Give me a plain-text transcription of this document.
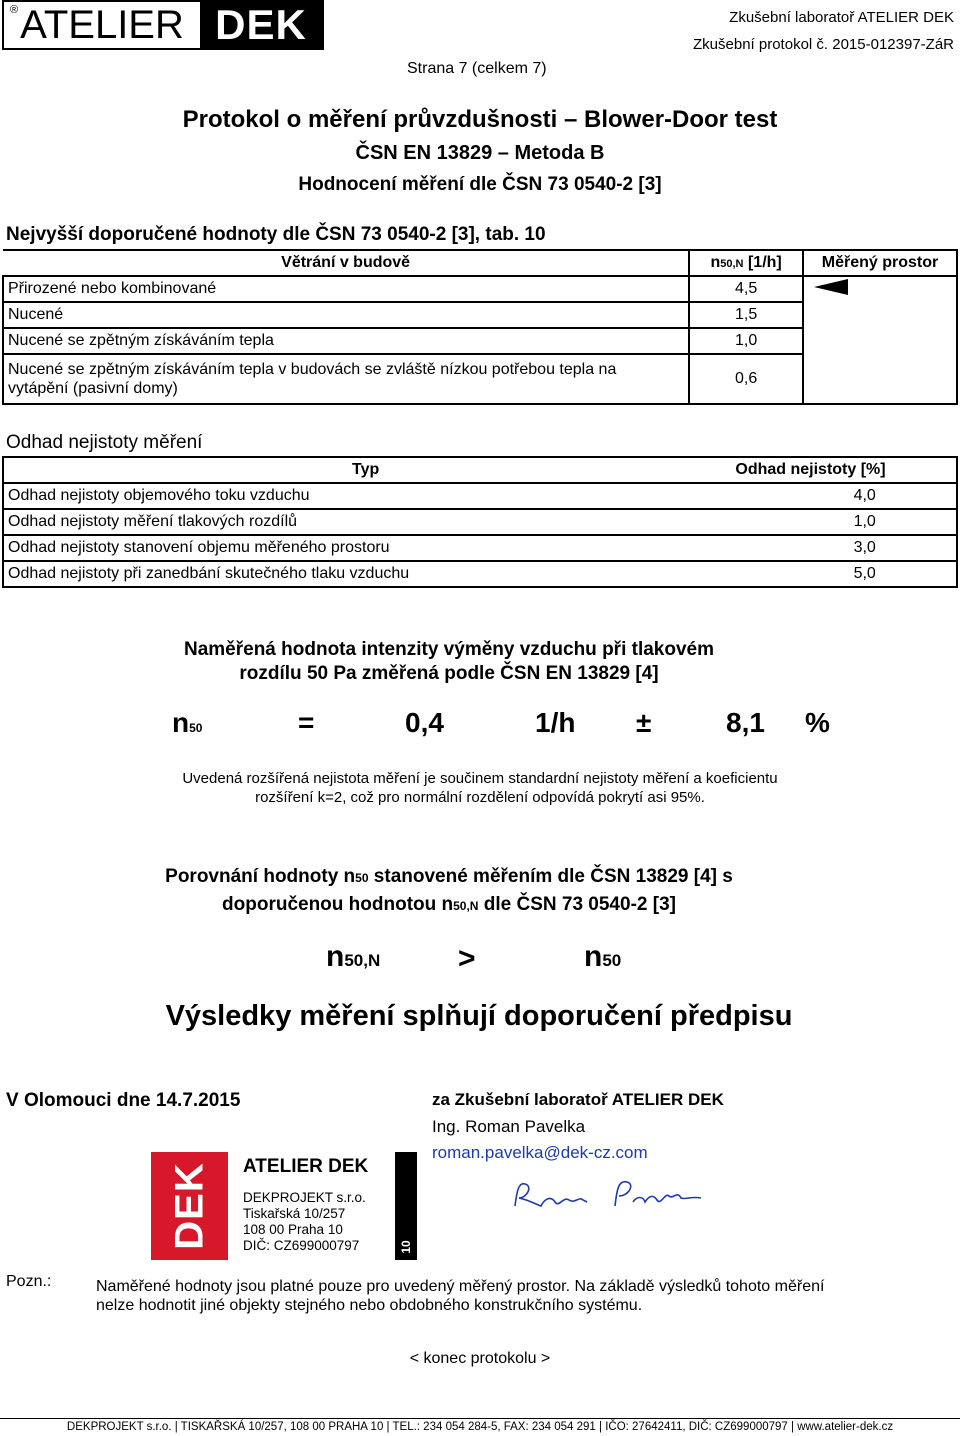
® ATELIER DEK	Zkušební laboratoř ATELIER DEK
Zkušební protokol č. 2015-012397-ZáR
Strana 7 (celkem 7)
Protokol o měření průvzdušnosti – Blower-Door test
ČSN EN 13829 – Metoda B
Hodnocení měření dle ČSN 73 0540-2 [3]
Nejvyšší doporučené hodnoty dle ČSN 73 0540-2 [3], tab. 10
Větrání v budově	n50,N [1/h]	Měřený prostor
Přirozené nebo kombinované	4,5	
Nucené	1,5	
Nucené se zpětným získáváním tepla	1,0	
Nucené se zpětným získáváním tepla v budovách se zvláště nízkou potřebou tepla na vytápění (pasivní domy)	0,6	
Odhad nejistoty měření
Typ	Odhad nejistoty [%]
Odhad nejistoty objemového toku vzduchu	4,0
Odhad nejistoty měření tlakových rozdílů	1,0
Odhad nejistoty stanovení objemu měřeného prostoru	3,0
Odhad nejistoty při zanedbání skutečného tlaku vzduchu	5,0
Naměřená hodnota intenzity výměny vzduchu při tlakovém
rozdílu 50 Pa změřená podle ČSN EN 13829 [4]
n50	=	0,4	1/h ±	8,1 %
Uvedená rozšířená nejistota měření je součinem standardní nejistoty měření a koeficientu
rozšíření k=2, což pro normální rozdělení odpovídá pokrytí asi 95%.
Porovnání hodnoty n50 stanovené měřením dle ČSN 13829 [4] s
doporučenou hodnotou n50,N dle ČSN 73 0540-2 [3]
n50,N	>	n50
Výsledky měření splňují doporučení předpisu
V Olomouci dne 14.7.2015	za Zkušební laboratoř ATELIER DEK
Ing. Roman Pavelka
roman.pavelka@dek-cz.com
DEK ATELIER DEK
DEKPROJEKT s.r.o.
Tiskařská 10/257
108 00 Praha 10
DIČ: CZ699000797	10
Pozn.:	Naměřené hodnoty jsou platné pouze pro uvedený měřený prostor. Na základě výsledků tohoto měření
nelze hodnotit jiné objekty stejného nebo obdobného konstrukčního systému.
< konec protokolu >
DEKPROJEKT s.r.o. | TISKAŘSKÁ 10/257, 108 00 PRAHA 10 | TEL.: 234 054 284-5, FAX: 234 054 291 | IČO: 27642411, DIČ: CZ699000797 | www.atelier-dek.cz
